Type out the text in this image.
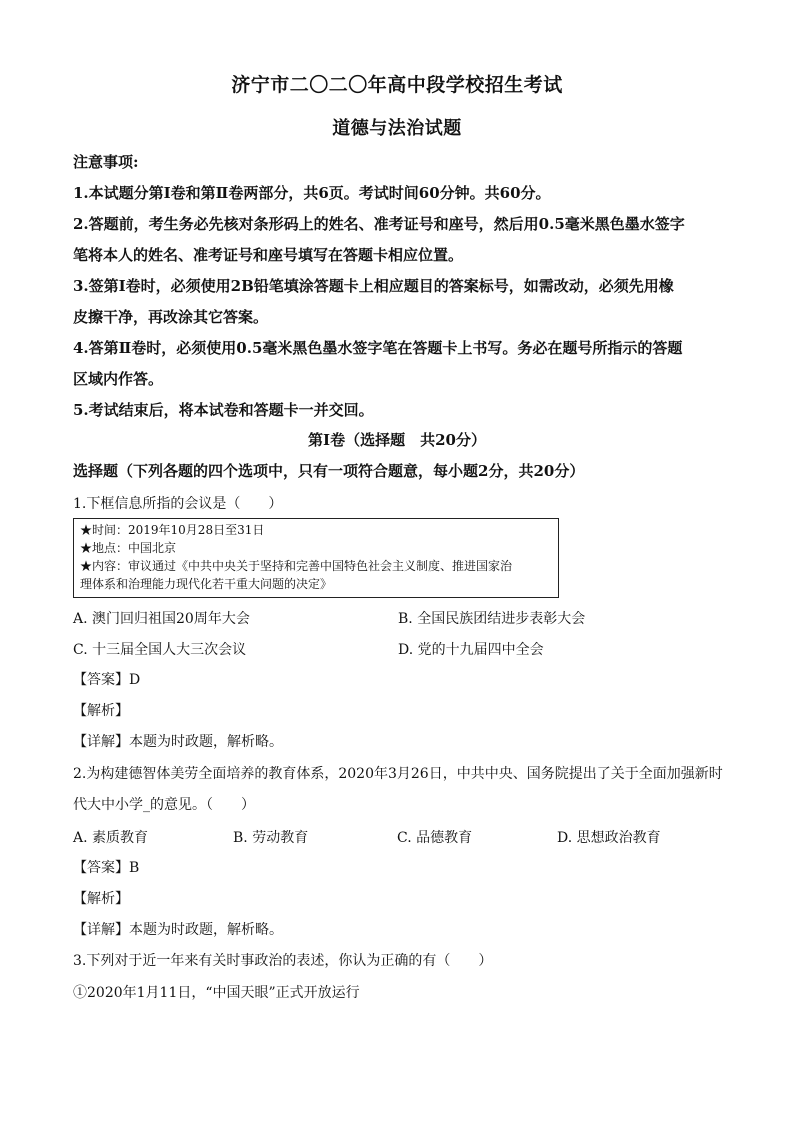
济宁市二〇二〇年高中段学校招生考试
道德与法治试题
注意事项:
1.本试题分第Ⅰ卷和第Ⅱ卷两部分，共6页。考试时间60分钟。共60分。
2.答题前，考生务必先核对条形码上的姓名、准考证号和座号，然后用0.5毫米黑色墨水签字
笔将本人的姓名、准考证号和座号填写在答题卡相应位置。
3.签第Ⅰ卷时，必须使用2B铅笔填涂答题卡上相应题目的答案标号，如需改动，必须先用橡
皮擦干净，再改涂其它答案。
4.答第Ⅱ卷时，必须使用0.5毫米黑色墨水签字笔在答题卡上书写。务必在题号所指示的答题
区域内作答。
5.考试结束后，将本试卷和答题卡一并交回。
第Ⅰ卷（选择题　共20分）
选择题（下列各题的四个选项中，只有一项符合题意，每小题2分，共20分）
1.下框信息所指的会议是（　　）
★时间：2019年10月28日至31日
★地点：中国北京
★内容：审议通过《中共中央关于坚持和完善中国特色社会主义制度、推进国家治
理体系和治理能力现代化若干重大问题的决定》
A. 澳门回归祖国20周年大会	B. 全国民族团结进步表彰大会
C. 十三届全国人大三次会议	D. 党的十九届四中全会
【答案】D
【解析】
【详解】本题为时政题，解析略。
2.为构建德智体美劳全面培养的教育体系，2020年3月26日，中共中央、国务院提出了关于全面加强新时
代大中小学_的意见。（　　）
A. 素质教育	B. 劳动教育	C. 品德教育	D. 思想政治教育
【答案】B
【解析】
【详解】本题为时政题，解析略。
3.下列对于近一年来有关时事政治的表述，你认为正确的有（　　）
①2020年1月11日，“中国天眼”正式开放运行
